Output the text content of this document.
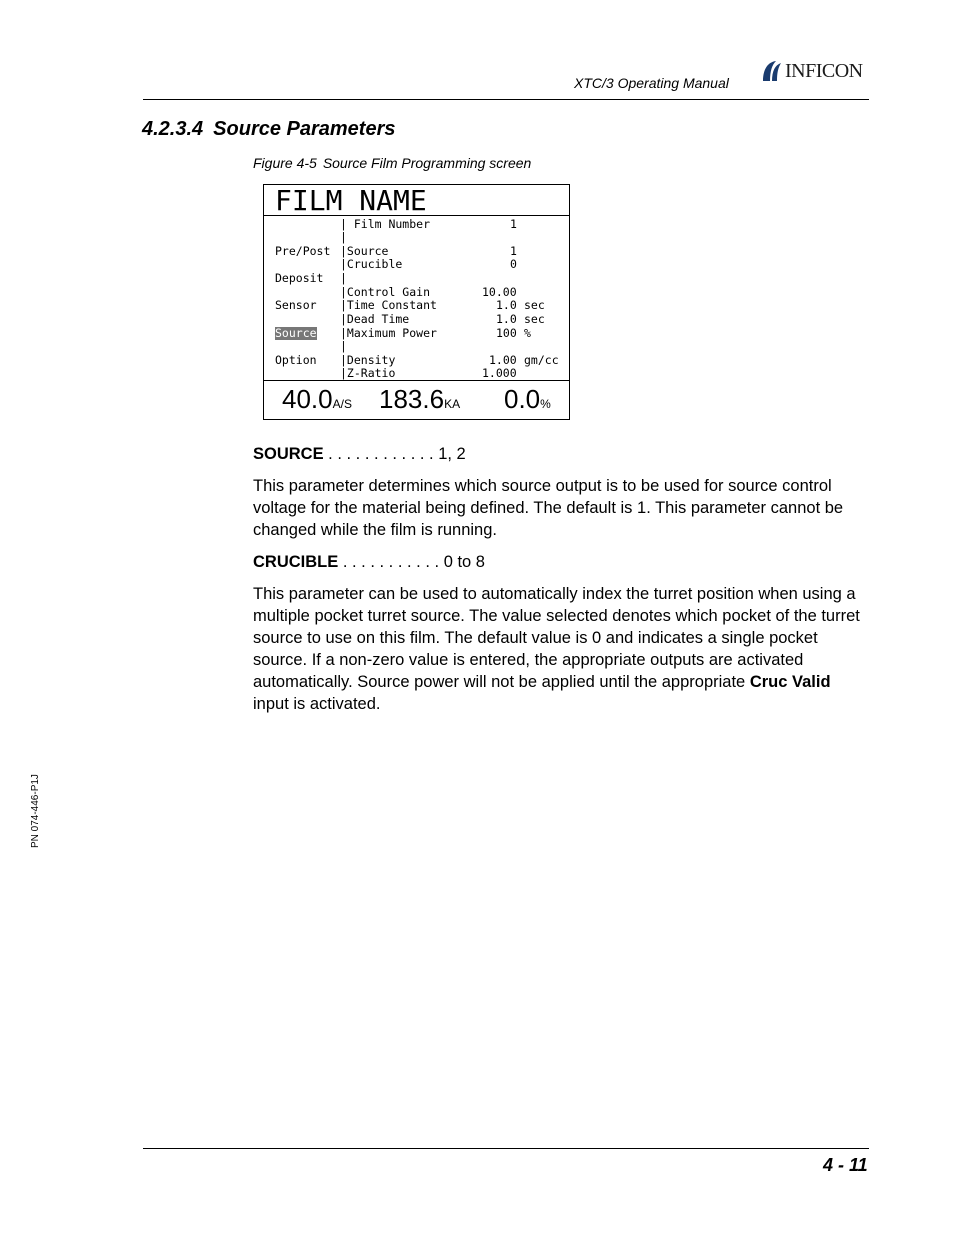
XTC/3 Operating Manual
INFICON
4.2.3.4 Source Parameters
Figure 4-5 Source Film Programming screen
FILM NAME
Pre/Post
Deposit
Sensor
Source
Option
| Film Number	1
|
|Source	1
|Crucible	0
|
|Control Gain	10.00
|Time Constant	1.0 sec
|Dead Time	1.0 sec
|Maximum Power	100 %
|
|Density	1.00 gm/cc
|Z-Ratio	1.000
40.0A/S 183.6KA 0.0%
SOURCE . . . . . . . . . . . . 1, 2
This parameter determines which source output is to be used for source control voltage for the material being defined. The default is 1. This parameter cannot be changed while the film is running.
CRUCIBLE . . . . . . . . . . . 0 to 8
This parameter can be used to automatically index the turret position when using a multiple pocket turret source. The value selected denotes which pocket of the turret source to use on this film. The default value is 0 and indicates a single pocket source. If a non-zero value is entered, the appropriate outputs are activated automatically. Source power will not be applied until the appropriate Cruc Valid input is activated.
PN 074-446-P1J
4 - 11
